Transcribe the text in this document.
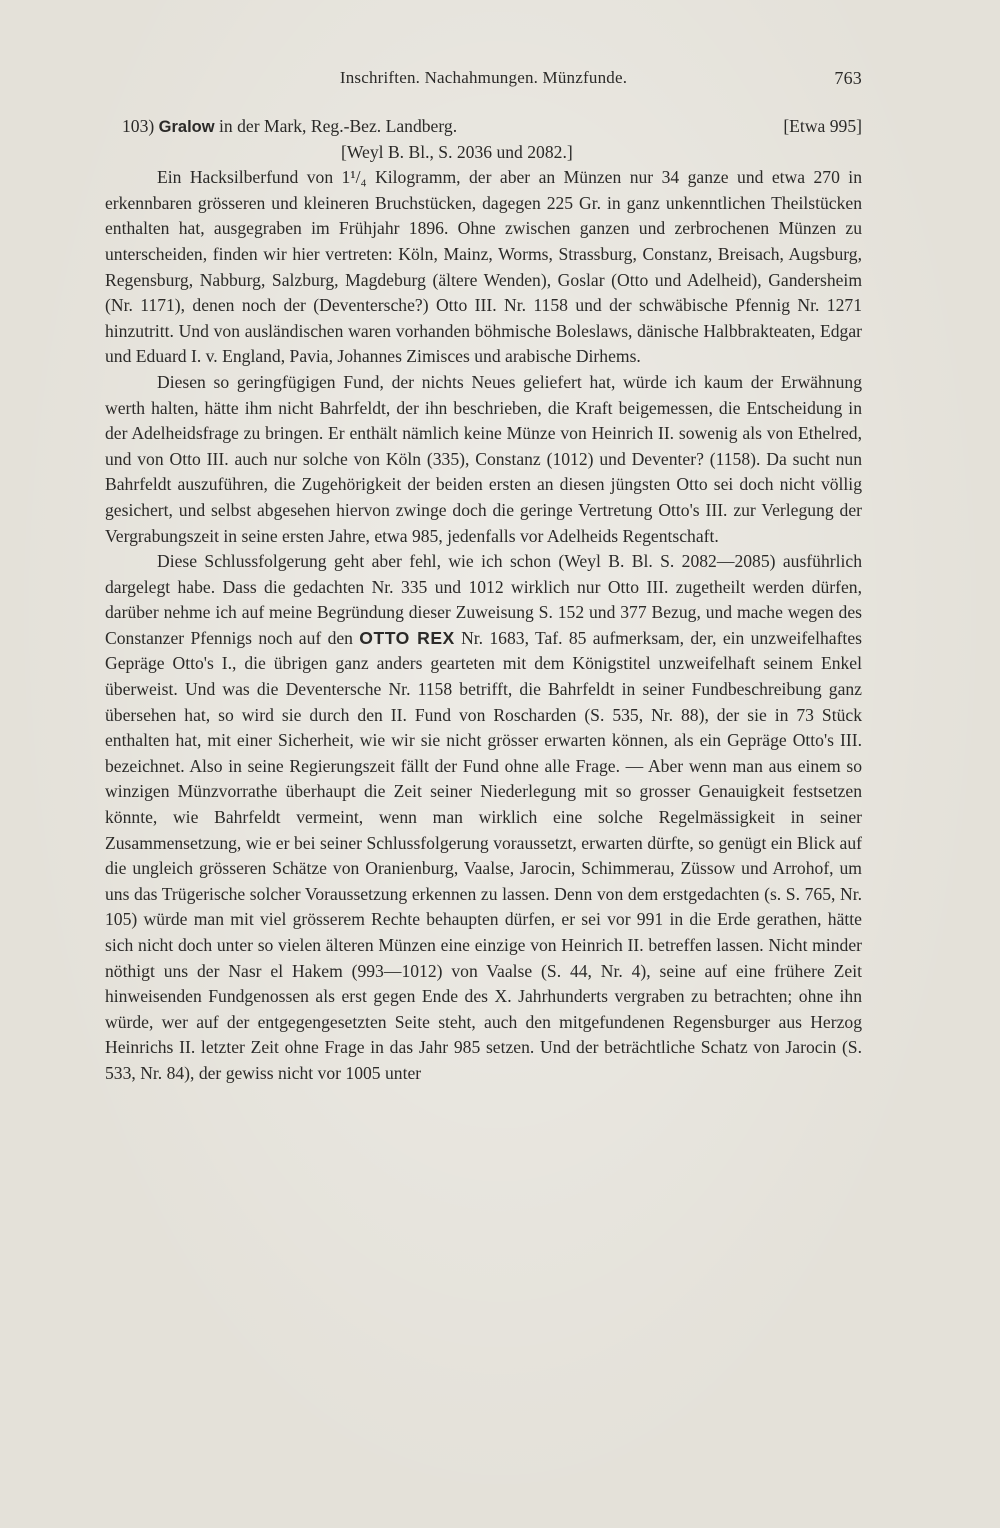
Inschriften. Nachahmungen. Münzfunde.	763
103) Gralow in der Mark, Reg.-Bez. Landberg.	[Etwa 995]
[Weyl B. Bl., S. 2036 und 2082.]

Ein Hacksilberfund von 1¹/₄ Kilogramm, der aber an Münzen nur 34 ganze und etwa 270 in erkennbaren grösseren und kleineren Bruchstücken, dagegen 225 Gr. in ganz unkenntlichen Theilstücken enthalten hat, ausgegraben im Frühjahr 1896. Ohne zwischen ganzen und zerbrochenen Münzen zu unterscheiden, finden wir hier vertreten: Köln, Mainz, Worms, Strassburg, Constanz, Breisach, Augsburg, Regensburg, Nabburg, Salzburg, Magdeburg (ältere Wenden), Goslar (Otto und Adelheid), Gandersheim (Nr. 1171), denen noch der (Deventersche?) Otto III. Nr. 1158 und der schwäbische Pfennig Nr. 1271 hinzutritt. Und von ausländischen waren vorhanden böhmische Boleslaws, dänische Halbbrakteaten, Edgar und Eduard I. v. England, Pavia, Johannes Zimisces und arabische Dirhems.

Diesen so geringfügigen Fund, der nichts Neues geliefert hat, würde ich kaum der Erwähnung werth halten, hätte ihm nicht Bahrfeldt, der ihn beschrieben, die Kraft beigemessen, die Entscheidung in der Adelheidsfrage zu bringen. Er enthält nämlich keine Münze von Heinrich II. sowenig als von Ethelred, und von Otto III. auch nur solche von Köln (335), Constanz (1012) und Deventer? (1158). Da sucht nun Bahrfeldt auszuführen, die Zugehörigkeit der beiden ersten an diesen jüngsten Otto sei doch nicht völlig gesichert, und selbst abgesehen hiervon zwinge doch die geringe Vertretung Otto's III. zur Verlegung der Vergrabungszeit in seine ersten Jahre, etwa 985, jedenfalls vor Adelheids Regentschaft.

Diese Schlussfolgerung geht aber fehl, wie ich schon (Weyl B. Bl. S. 2082—2085) ausführlich dargelegt habe. Dass die gedachten Nr. 335 und 1012 wirklich nur Otto III. zugetheilt werden dürfen, darüber nehme ich auf meine Begründung dieser Zuweisung S. 152 und 377 Bezug, und mache wegen des Constanzer Pfennigs noch auf den OTTO REX Nr. 1683, Taf. 85 aufmerksam, der, ein unzweifelhaftes Gepräge Otto's I., die übrigen ganz anders gearteten mit dem Königstitel unzweifelhaft seinem Enkel überweist. Und was die Deventersche Nr. 1158 betrifft, die Bahrfeldt in seiner Fundbeschreibung ganz übersehen hat, so wird sie durch den II. Fund von Roscharden (S. 535, Nr. 88), der sie in 73 Stück enthalten hat, mit einer Sicherheit, wie wir sie nicht grösser erwarten können, als ein Gepräge Otto's III. bezeichnet. Also in seine Regierungszeit fällt der Fund ohne alle Frage. — Aber wenn man aus einem so winzigen Münzvorrathe überhaupt die Zeit seiner Niederlegung mit so grosser Genauigkeit festsetzen könnte, wie Bahrfeldt vermeint, wenn man wirklich eine solche Regelmässigkeit in seiner Zusammensetzung, wie er bei seiner Schlussfolgerung voraussetzt, erwarten dürfte, so genügt ein Blick auf die ungleich grösseren Schätze von Oranienburg, Vaalse, Jarocin, Schimmerau, Züssow und Arrohof, um uns das Trügerische solcher Voraussetzung erkennen zu lassen. Denn von dem erstgedachten (s. S. 765, Nr. 105) würde man mit viel grösserem Rechte behaupten dürfen, er sei vor 991 in die Erde gerathen, hätte sich nicht doch unter so vielen älteren Münzen eine einzige von Heinrich II. betreffen lassen. Nicht minder nöthigt uns der Nasr el Hakem (993—1012) von Vaalse (S. 44, Nr. 4), seine auf eine frühere Zeit hinweisenden Fundgenossen als erst gegen Ende des X. Jahrhunderts vergraben zu betrachten; ohne ihn würde, wer auf der entgegengesetzten Seite steht, auch den mitgefundenen Regensburger aus Herzog Heinrichs II. letzter Zeit ohne Frage in das Jahr 985 setzen. Und der beträchtliche Schatz von Jarocin (S. 533, Nr. 84), der gewiss nicht vor 1005 unter
